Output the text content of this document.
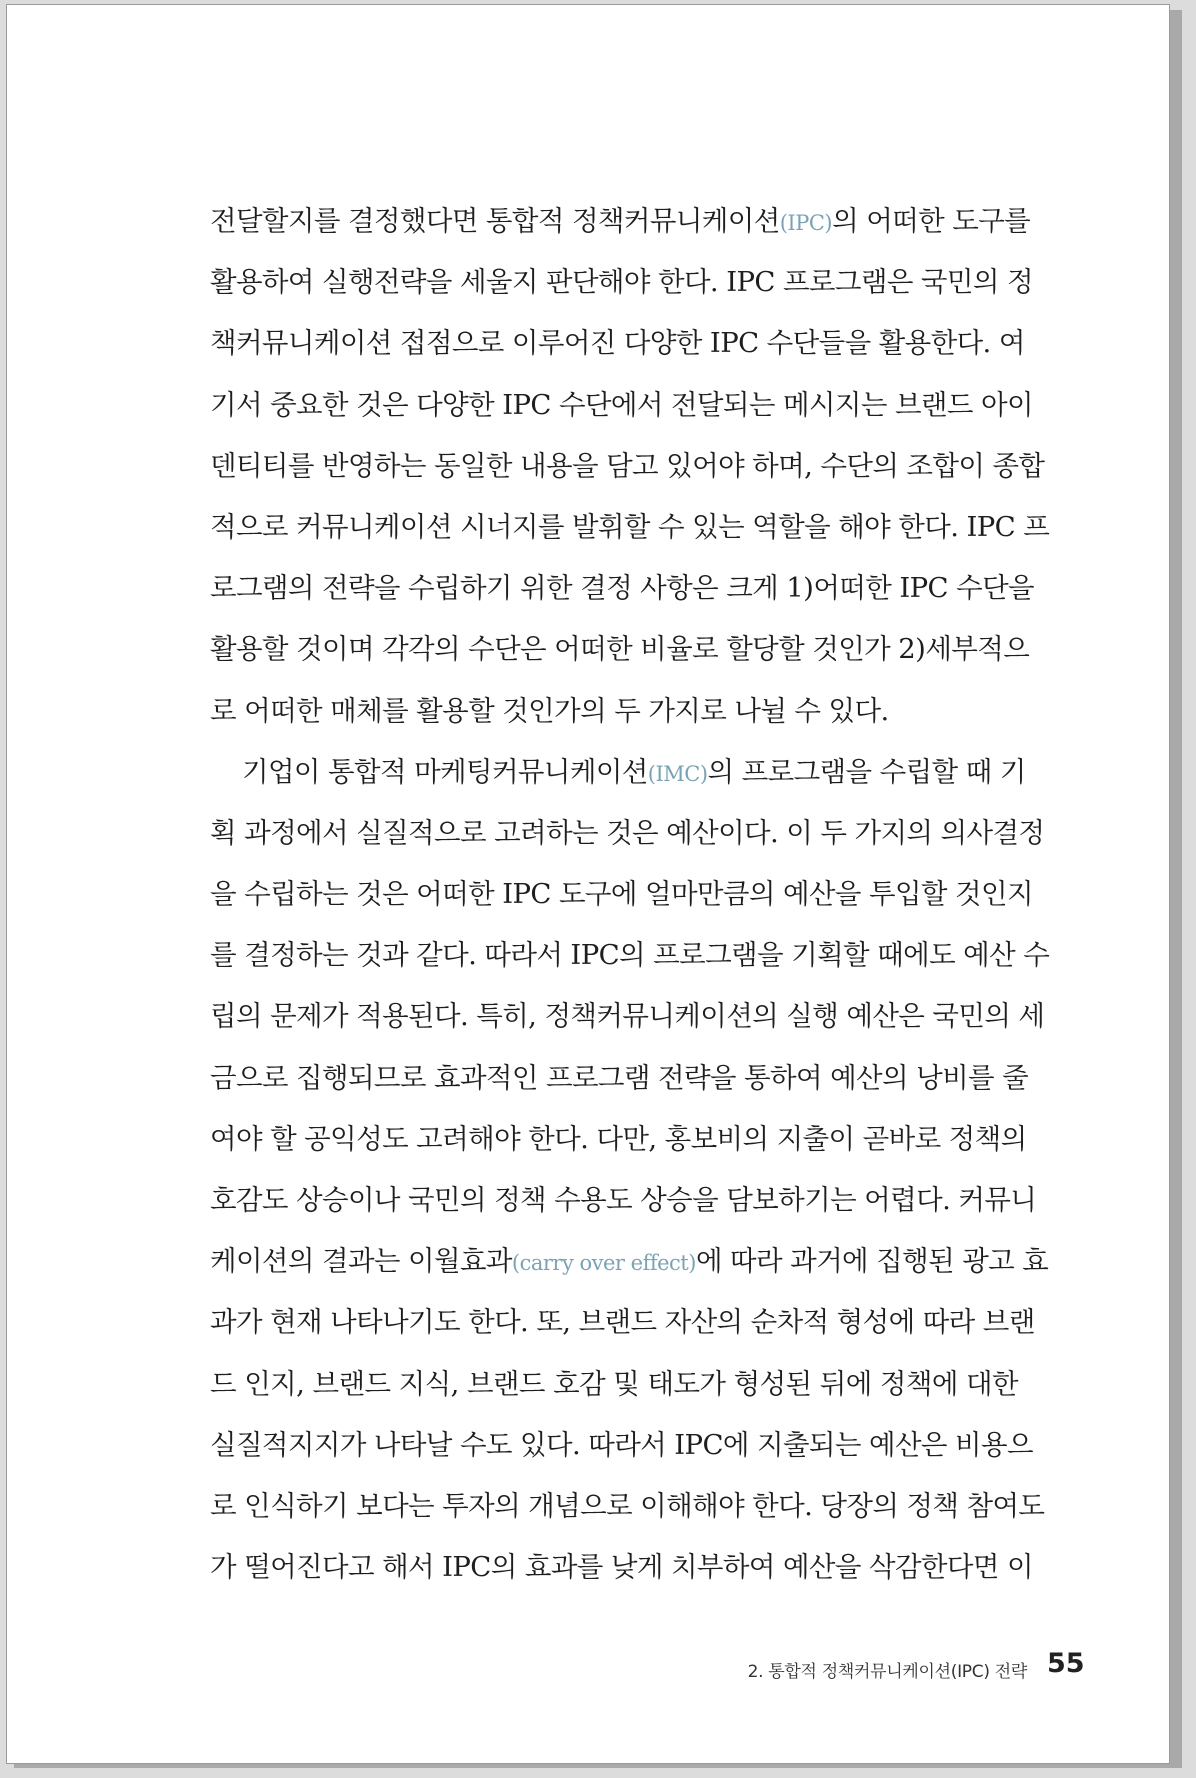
전달할지를 결정했다면 통합적 정책커뮤니케이션(IPC)의 어떠한 도구를
활용하여 실행전략을 세울지 판단해야 한다. IPC 프로그램은 국민의 정
책커뮤니케이션 접점으로 이루어진 다양한 IPC 수단들을 활용한다. 여
기서 중요한 것은 다양한 IPC 수단에서 전달되는 메시지는 브랜드 아이
덴티티를 반영하는 동일한 내용을 담고 있어야 하며, 수단의 조합이 종합
적으로 커뮤니케이션 시너지를 발휘할 수 있는 역할을 해야 한다. IPC 프
로그램의 전략을 수립하기 위한 결정 사항은 크게 1)어떠한 IPC 수단을
활용할 것이며 각각의 수단은 어떠한 비율로 할당할 것인가 2)세부적으
로 어떠한 매체를 활용할 것인가의 두 가지로 나뉠 수 있다.
기업이 통합적 마케팅커뮤니케이션(IMC)의 프로그램을 수립할 때 기
획 과정에서 실질적으로 고려하는 것은 예산이다. 이 두 가지의 의사결정
을 수립하는 것은 어떠한 IPC 도구에 얼마만큼의 예산을 투입할 것인지
를 결정하는 것과 같다. 따라서 IPC의 프로그램을 기획할 때에도 예산 수
립의 문제가 적용된다. 특히, 정책커뮤니케이션의 실행 예산은 국민의 세
금으로 집행되므로 효과적인 프로그램 전략을 통하여 예산의 낭비를 줄
여야 할 공익성도 고려해야 한다. 다만, 홍보비의 지출이 곧바로 정책의
호감도 상승이나 국민의 정책 수용도 상승을 담보하기는 어렵다. 커뮤니
케이션의 결과는 이월효과(carry over effect)에 따라 과거에 집행된 광고 효
과가 현재 나타나기도 한다. 또, 브랜드 자산의 순차적 형성에 따라 브랜
드 인지, 브랜드 지식, 브랜드 호감 및 태도가 형성된 뒤에 정책에 대한
실질적지지가 나타날 수도 있다. 따라서 IPC에 지출되는 예산은 비용으
로 인식하기 보다는 투자의 개념으로 이해해야 한다. 당장의 정책 참여도
가 떨어진다고 해서 IPC의 효과를 낮게 치부하여 예산을 삭감한다면 이
2. 통합적 정책커뮤니케이션(IPC) 전략 55
